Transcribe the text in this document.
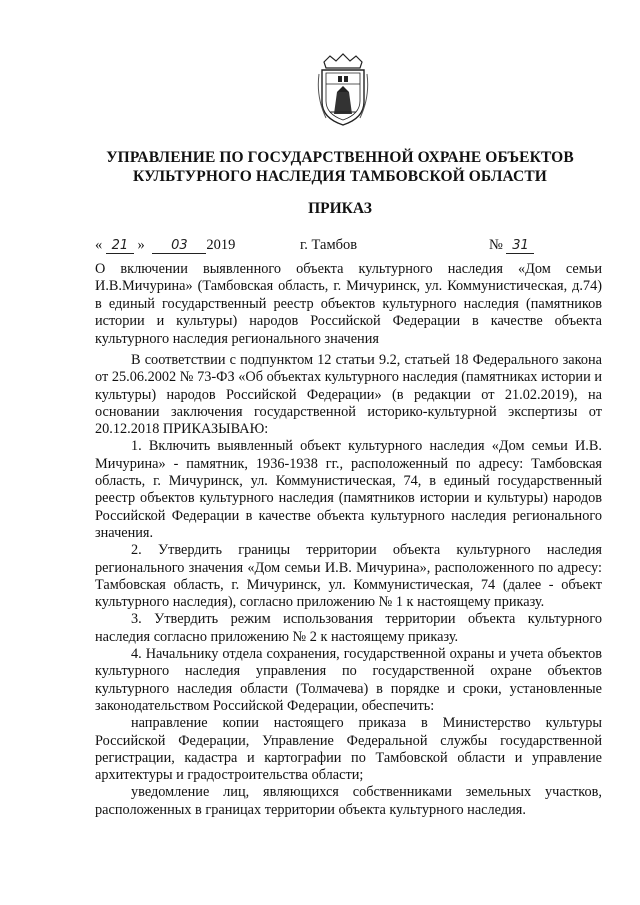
УПРАВЛЕНИЕ ПО ГОСУДАРСТВЕННОЙ ОХРАНЕ ОБЪЕКТОВ
КУЛЬТУРНОГО НАСЛЕДИЯ ТАМБОВСКОЙ ОБЛАСТИ
ПРИКАЗ
« 21 » 03 2019	г. Тамбов	№ 31
О включении выявленного объекта культурного наследия «Дом семьи И.В.Мичурина» (Тамбовская область, г. Мичуринск, ул. Коммунистическая, д.74) в единый государственный реестр объектов культурного наследия (памятников истории и культуры) народов Российской Федерации в качестве объекта культурного наследия регионального значения

В соответствии с подпунктом 12 статьи 9.2, статьей 18 Федерального закона от 25.06.2002 № 73-ФЗ «Об объектах культурного наследия (памятниках истории и культуры) народов Российской Федерации» (в редакции от 21.02.2019), на основании заключения государственной историко-культурной экспертизы от 20.12.2018 ПРИКАЗЫВАЮ:

1. Включить выявленный объект культурного наследия «Дом семьи И.В. Мичурина» - памятник, 1936-1938 гг., расположенный по адресу: Тамбовская область, г. Мичуринск, ул. Коммунистическая, 74, в единый государственный реестр объектов культурного наследия (памятников истории и культуры) народов Российской Федерации в качестве объекта культурного наследия регионального значения.

2. Утвердить границы территории объекта культурного наследия регионального значения «Дом семьи И.В. Мичурина», расположенного по адресу: Тамбовская область, г. Мичуринск, ул. Коммунистическая, 74 (далее - объект культурного наследия), согласно приложению № 1 к настоящему приказу.

3. Утвердить режим использования территории объекта культурного наследия согласно приложению № 2 к настоящему приказу.

4. Начальнику отдела сохранения, государственной охраны и учета объектов культурного наследия управления по государственной охране объектов культурного наследия области (Толмачева) в порядке и сроки, установленные законодательством Российской Федерации, обеспечить:

направление копии настоящего приказа в Министерство культуры Российской Федерации, Управление Федеральной службы государственной регистрации, кадастра и картографии по Тамбовской области и управление архитектуры и градостроительства области;

уведомление лиц, являющихся собственниками земельных участков, расположенных в границах территории объекта культурного наследия.
